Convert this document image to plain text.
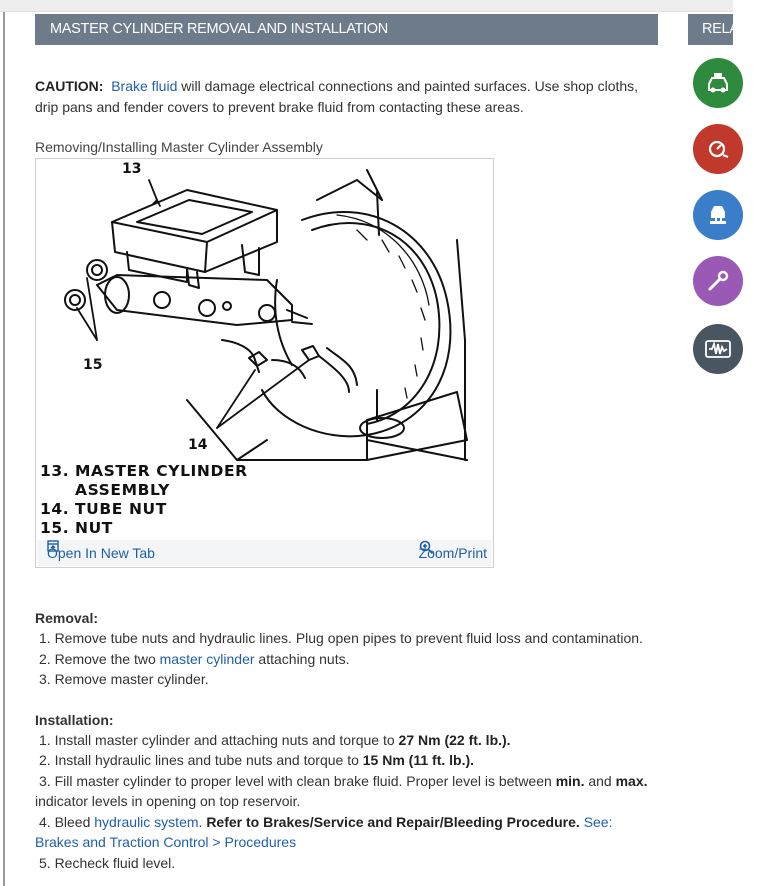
MASTER CYLINDER REMOVAL AND INSTALLATION

CAUTION: Brake fluid will damage electrical connections and painted surfaces. Use shop cloths, drip pans and fender covers to prevent brake fluid from contacting these areas.

Removing/Installing Master Cylinder Assembly
13
15
14
13. MASTER CYLINDER
ASSEMBLY
14. TUBE NUT
15. NUT
Open In New Tab	Zoom/Print
Removal:
1. Remove tube nuts and hydraulic lines. Plug open pipes to prevent fluid loss and contamination.
2. Remove the two master cylinder attaching nuts.
3. Remove master cylinder.
Installation:
1. Install master cylinder and attaching nuts and torque to 27 Nm (22 ft. lb.).
2. Install hydraulic lines and tube nuts and torque to 15 Nm (11 ft. lb.).
3. Fill master cylinder to proper level with clean brake fluid. Proper level is between min. and max. indicator levels in opening on top reservoir.
4. Bleed hydraulic system. Refer to Brakes/Service and Repair/Bleeding Procedure. See: Brakes and Traction Control > Procedures
5. Recheck fluid level.
RELATED
